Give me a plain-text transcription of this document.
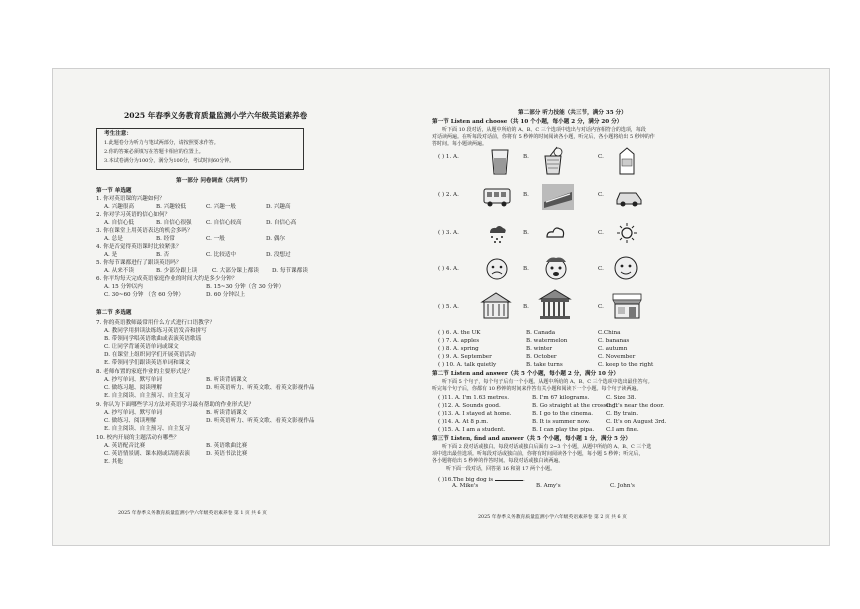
2025 年春季义务教育质量监测小学六年级英语素养卷
考生注意：
1.此题卷分为听力与笔试两部分，请按照要求作答。
2.你的答案必须填写在答题卡相应的位置上。
3.本试卷满分为100分，满分为100分，考试时间60分钟。
第一部分 问卷调查（共两节）
第一节 单选题
1. 你对英语课的兴趣如何？
A. 兴趣很高	B. 兴趣较低	C. 兴趣一般	D. 兴趣高
2. 你对学习英语的信心如何？
A. 自信心低	B. 自信心很强	C. 自信心较高	D. 自信心高
3. 你在课堂上用英语表达的机会多吗？
A. 总是	B. 经常	C. 一般	D. 偶尔
4. 你是否觉得英语课时比较紧张？
A. 是	B. 否	C. 比较适中	D. 没想过
5. 你每节课都进行了跟读英语吗？
A. 从来不读	B. 少部分跟上读	C. 大部分课上都读 D. 每节课都读
6. 你平均每天完成英语家庭作业的时间大约是多少分钟？
A. 15 分钟以内	B. 15~30 分钟（含 30 分钟）
C. 30~60 分钟 （含 60 分钟）	D. 60 分钟以上
第二节 多选题
7. 你的英语教师最常用什么方式进行口语教学？
A. 教同学用拼读法练练习英语发音和拼写
B. 带领同学唱英语歌曲或表演英语歌谣
C. 让同学背诵英语单词或课文
D. 在课堂上组织同学们开展英语活动
E. 带领同学们跟读英语单词和课文
8. 老师布置的家庭作业的主要形式是？
A. 抄写单词、默写单词	B. 听读背诵课文
C. 做练习题、阅读理解	D. 听英语听力、听英文歌、看英文影视作品
E. 自主阅读、自主预习、自主复习
9. 你认为下面哪些学习方法对英语学习最有帮助的作业形式是？
A. 抄写单词、默写单词	B. 听读背诵课文
C. 做练习、阅读理解	D. 听英语听力、听英文歌、看英文影视作品
E. 自主阅读、自主预习、自主复习
10. 校内开展的主题活动有哪些？
A. 英语配音比赛	B. 英语歌曲比赛
C. 英语情景剧、课本剧或话剧表演	D. 英语书法比赛
E. 其他
2025 年春季义务教育质量监测小学六年级英语素养卷 第 1 页 共 6 页
第二部分 听力技能（共三节，满分 35 分）
第一节 Listen and choose（共 10 个小题，每小题 2 分，满分 20 分）
听下面 10 段对话，从题中所给的 A、B、C 三个选项中选出与对话内容相符合的选项，每段
对话读两遍。在听每段对话前，你将有 5 秒钟的时间阅读各小题，听完后，各小题将给出 5 秒钟的作
答时间。每小题读两遍。
( ) 1. A.	B.	C.
( ) 2. A.	B.	C.
( ) 3. A.	B.	C.
( ) 4. A.	B.	C.
( ) 5. A.	B.	C.
( ) 6. A. the UK	B. Canada	C.China
( ) 7. A. apples	B. watermelon	C. bananas
( ) 8. A. spring	B. winter	C. autumn
( ) 9. A. September	B. October	C. November
( ) 10. A. talk quietly	B. take turns	C. keep to the right
第二节 Listen and answer（共 5 个小题，每小题 2 分，满分 10 分）
听下面 5 个句子，每个句子后有一个小题。从题中所给的 A、B、C 三个选项中选出最佳答句。
听完每个句子后，你都有 10 秒钟的时间来作答有关小题和阅读下一个小题。每个句子读两遍。
( )11. A. I'm 1.63 metres.	B. I'm 67 kilograms.	C. Size 38.
( )12. A. Sounds good.	B. Go straight at the crossing.
C. It's near the door.
( )13. A. I stayed at home.	B. I go to the cinema. C. By train.
( )14. A. At 8 p.m.	B. It is summer now.	C. It's on August 3rd.
( )15. A. I am a student.	B. I can play the pipa. C.I am fine.
第三节 Listen, find and answer（共 5 个小题，每小题 1 分，满分 5 分）
听下面 2 段对话或独白。每段对话或独白后面有 2~3 个小题，从题中所给的 A、B、C 三个选
项中选出最佳选项。听每段对话或独白前，你将有时间阅读各个小题，每小题 5 秒钟；听完后，
各小题将给出 5 秒钟的作答时间。每段对话或独白读两遍。
听下面一段对话，回答第 16 和第 17 两个小题。
( )16.The big dog is	.
A. Mike's	B. Amy's	C. John's
2025 年春季义务教育质量监测小学六年级英语素养卷 第 2 页 共 6 页
